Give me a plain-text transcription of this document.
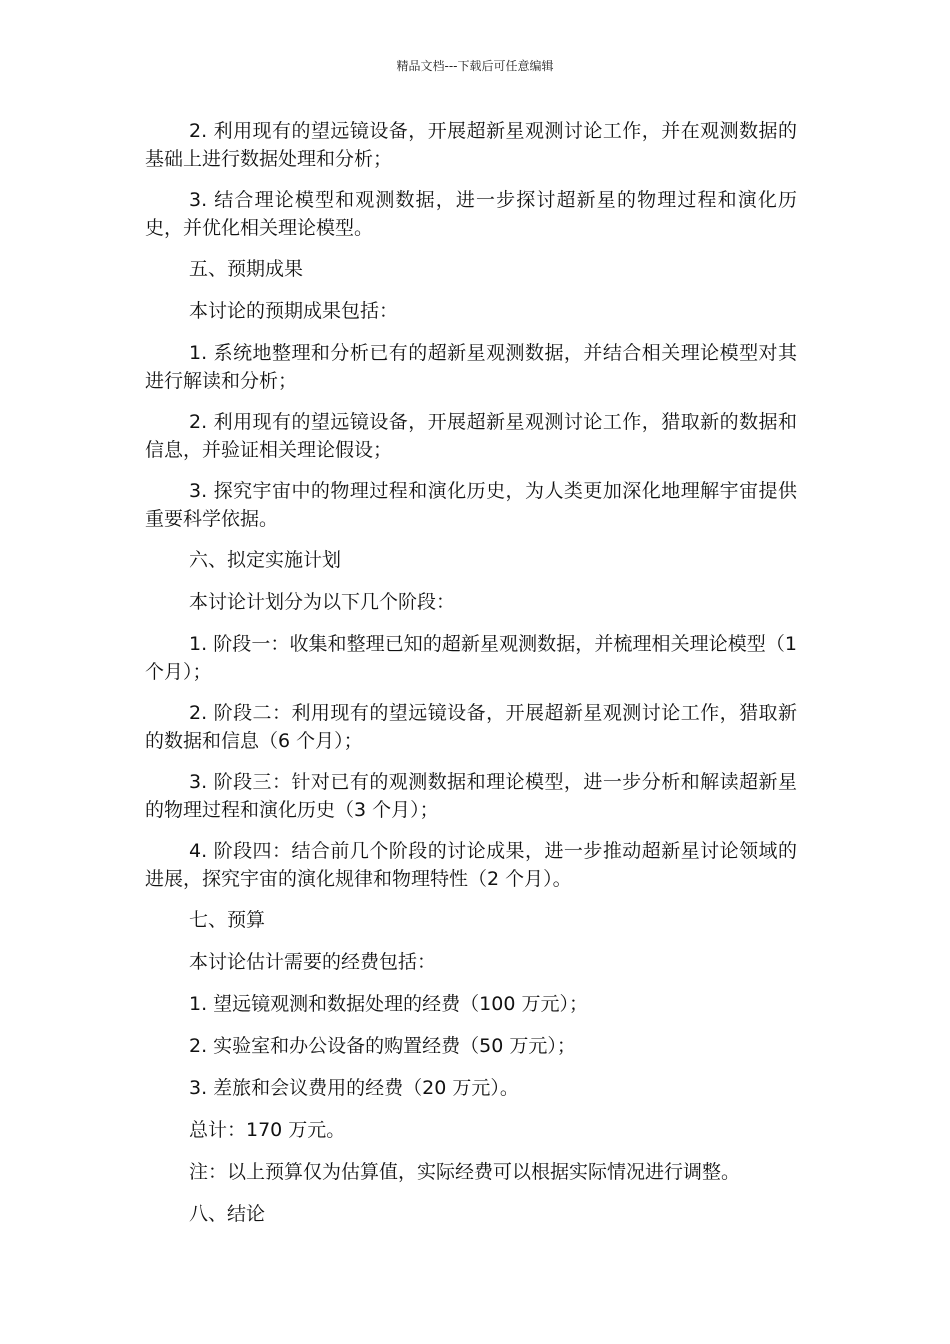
精品文档---下载后可任意编辑

2. 利用现有的望远镜设备，开展超新星观测讨论工作，并在观测数据的基础上进行数据处理和分析；

3. 结合理论模型和观测数据，进一步探讨超新星的物理过程和演化历史，并优化相关理论模型。

五、预期成果

本讨论的预期成果包括：

1. 系统地整理和分析已有的超新星观测数据，并结合相关理论模型对其进行解读和分析；

2. 利用现有的望远镜设备，开展超新星观测讨论工作，猎取新的数据和信息，并验证相关理论假设；

3. 探究宇宙中的物理过程和演化历史，为人类更加深化地理解宇宙提供重要科学依据。

六、拟定实施计划

本讨论计划分为以下几个阶段：

1. 阶段一：收集和整理已知的超新星观测数据，并梳理相关理论模型（1 个月）；

2. 阶段二：利用现有的望远镜设备，开展超新星观测讨论工作，猎取新的数据和信息（6 个月）；

3. 阶段三：针对已有的观测数据和理论模型，进一步分析和解读超新星的物理过程和演化历史（3 个月）；

4. 阶段四：结合前几个阶段的讨论成果，进一步推动超新星讨论领域的进展，探究宇宙的演化规律和物理特性（2 个月）。

七、预算

本讨论估计需要的经费包括：

1. 望远镜观测和数据处理的经费（100 万元）；

2. 实验室和办公设备的购置经费（50 万元）；

3. 差旅和会议费用的经费（20 万元）。

总计：170 万元。

注：以上预算仅为估算值，实际经费可以根据实际情况进行调整。

八、结论
